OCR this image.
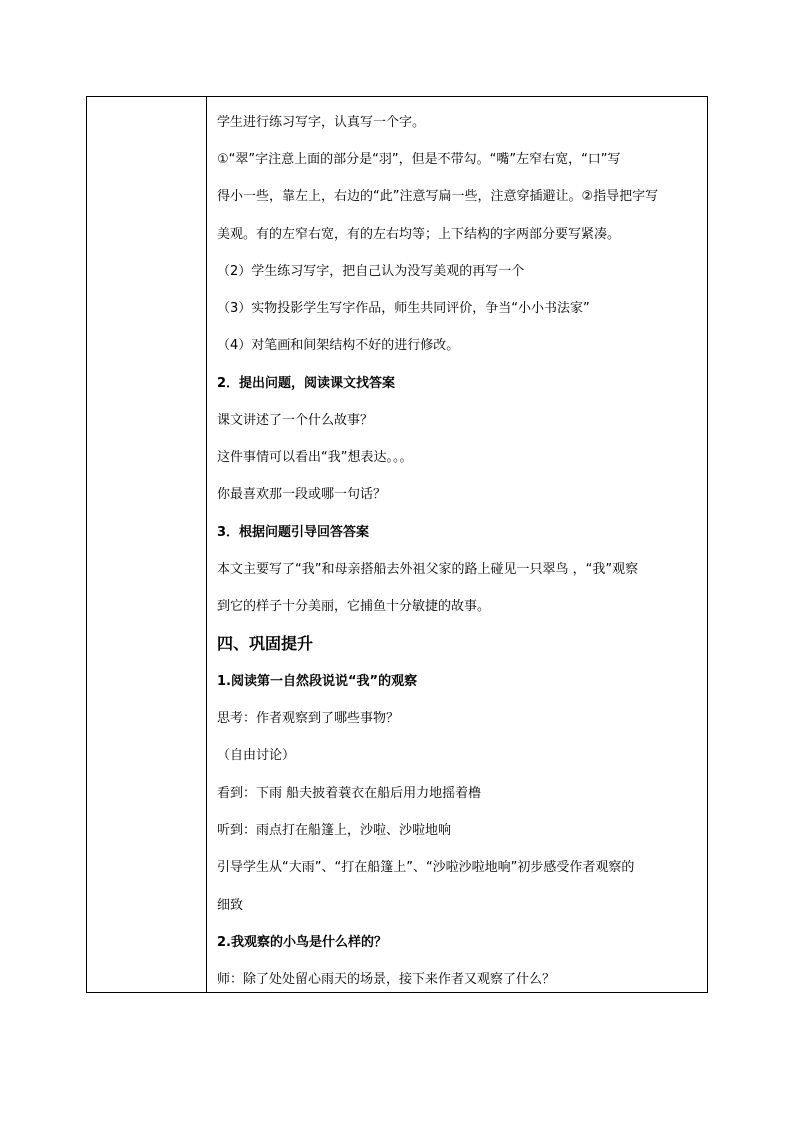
学生进行练习写字，认真写一个字。
①“翠”字注意上面的部分是“羽”，但是不带勾。“嘴”左窄右宽，“口”写
得小一些，靠左上，右边的“此”注意写扁一些，注意穿插避让。②指导把字写
美观。有的左窄右宽，有的左右均等；上下结构的字两部分要写紧凑。
（2）学生练习写字，把自己认为没写美观的再写一个
（3）实物投影学生写字作品，师生共同评价，争当“小小书法家”
（4）对笔画和间架结构不好的进行修改。
2．提出问题，阅读课文找答案
课文讲述了一个什么故事？
这件事情可以看出“我”想表达。。。
你最喜欢那一段或哪一句话？
3．根据问题引导回答答案
本文主要写了“我”和母亲搭船去外祖父家的路上碰见一只翠鸟 ，“我”观察
到它的样子十分美丽，它捕鱼十分敏捷的故事。
四、巩固提升
1.阅读第一自然段说说“我”的观察
思考：作者观察到了哪些事物？
（自由讨论）
看到：下雨 船夫披着蓑衣在船后用力地摇着橹
听到：雨点打在船篷上，沙啦、沙啦地响
引导学生从“大雨”、“打在船篷上”、“沙啦沙啦地响”初步感受作者观察的
细致
2.我观察的小鸟是什么样的？
师：除了处处留心雨天的场景，接下来作者又观察了什么？
